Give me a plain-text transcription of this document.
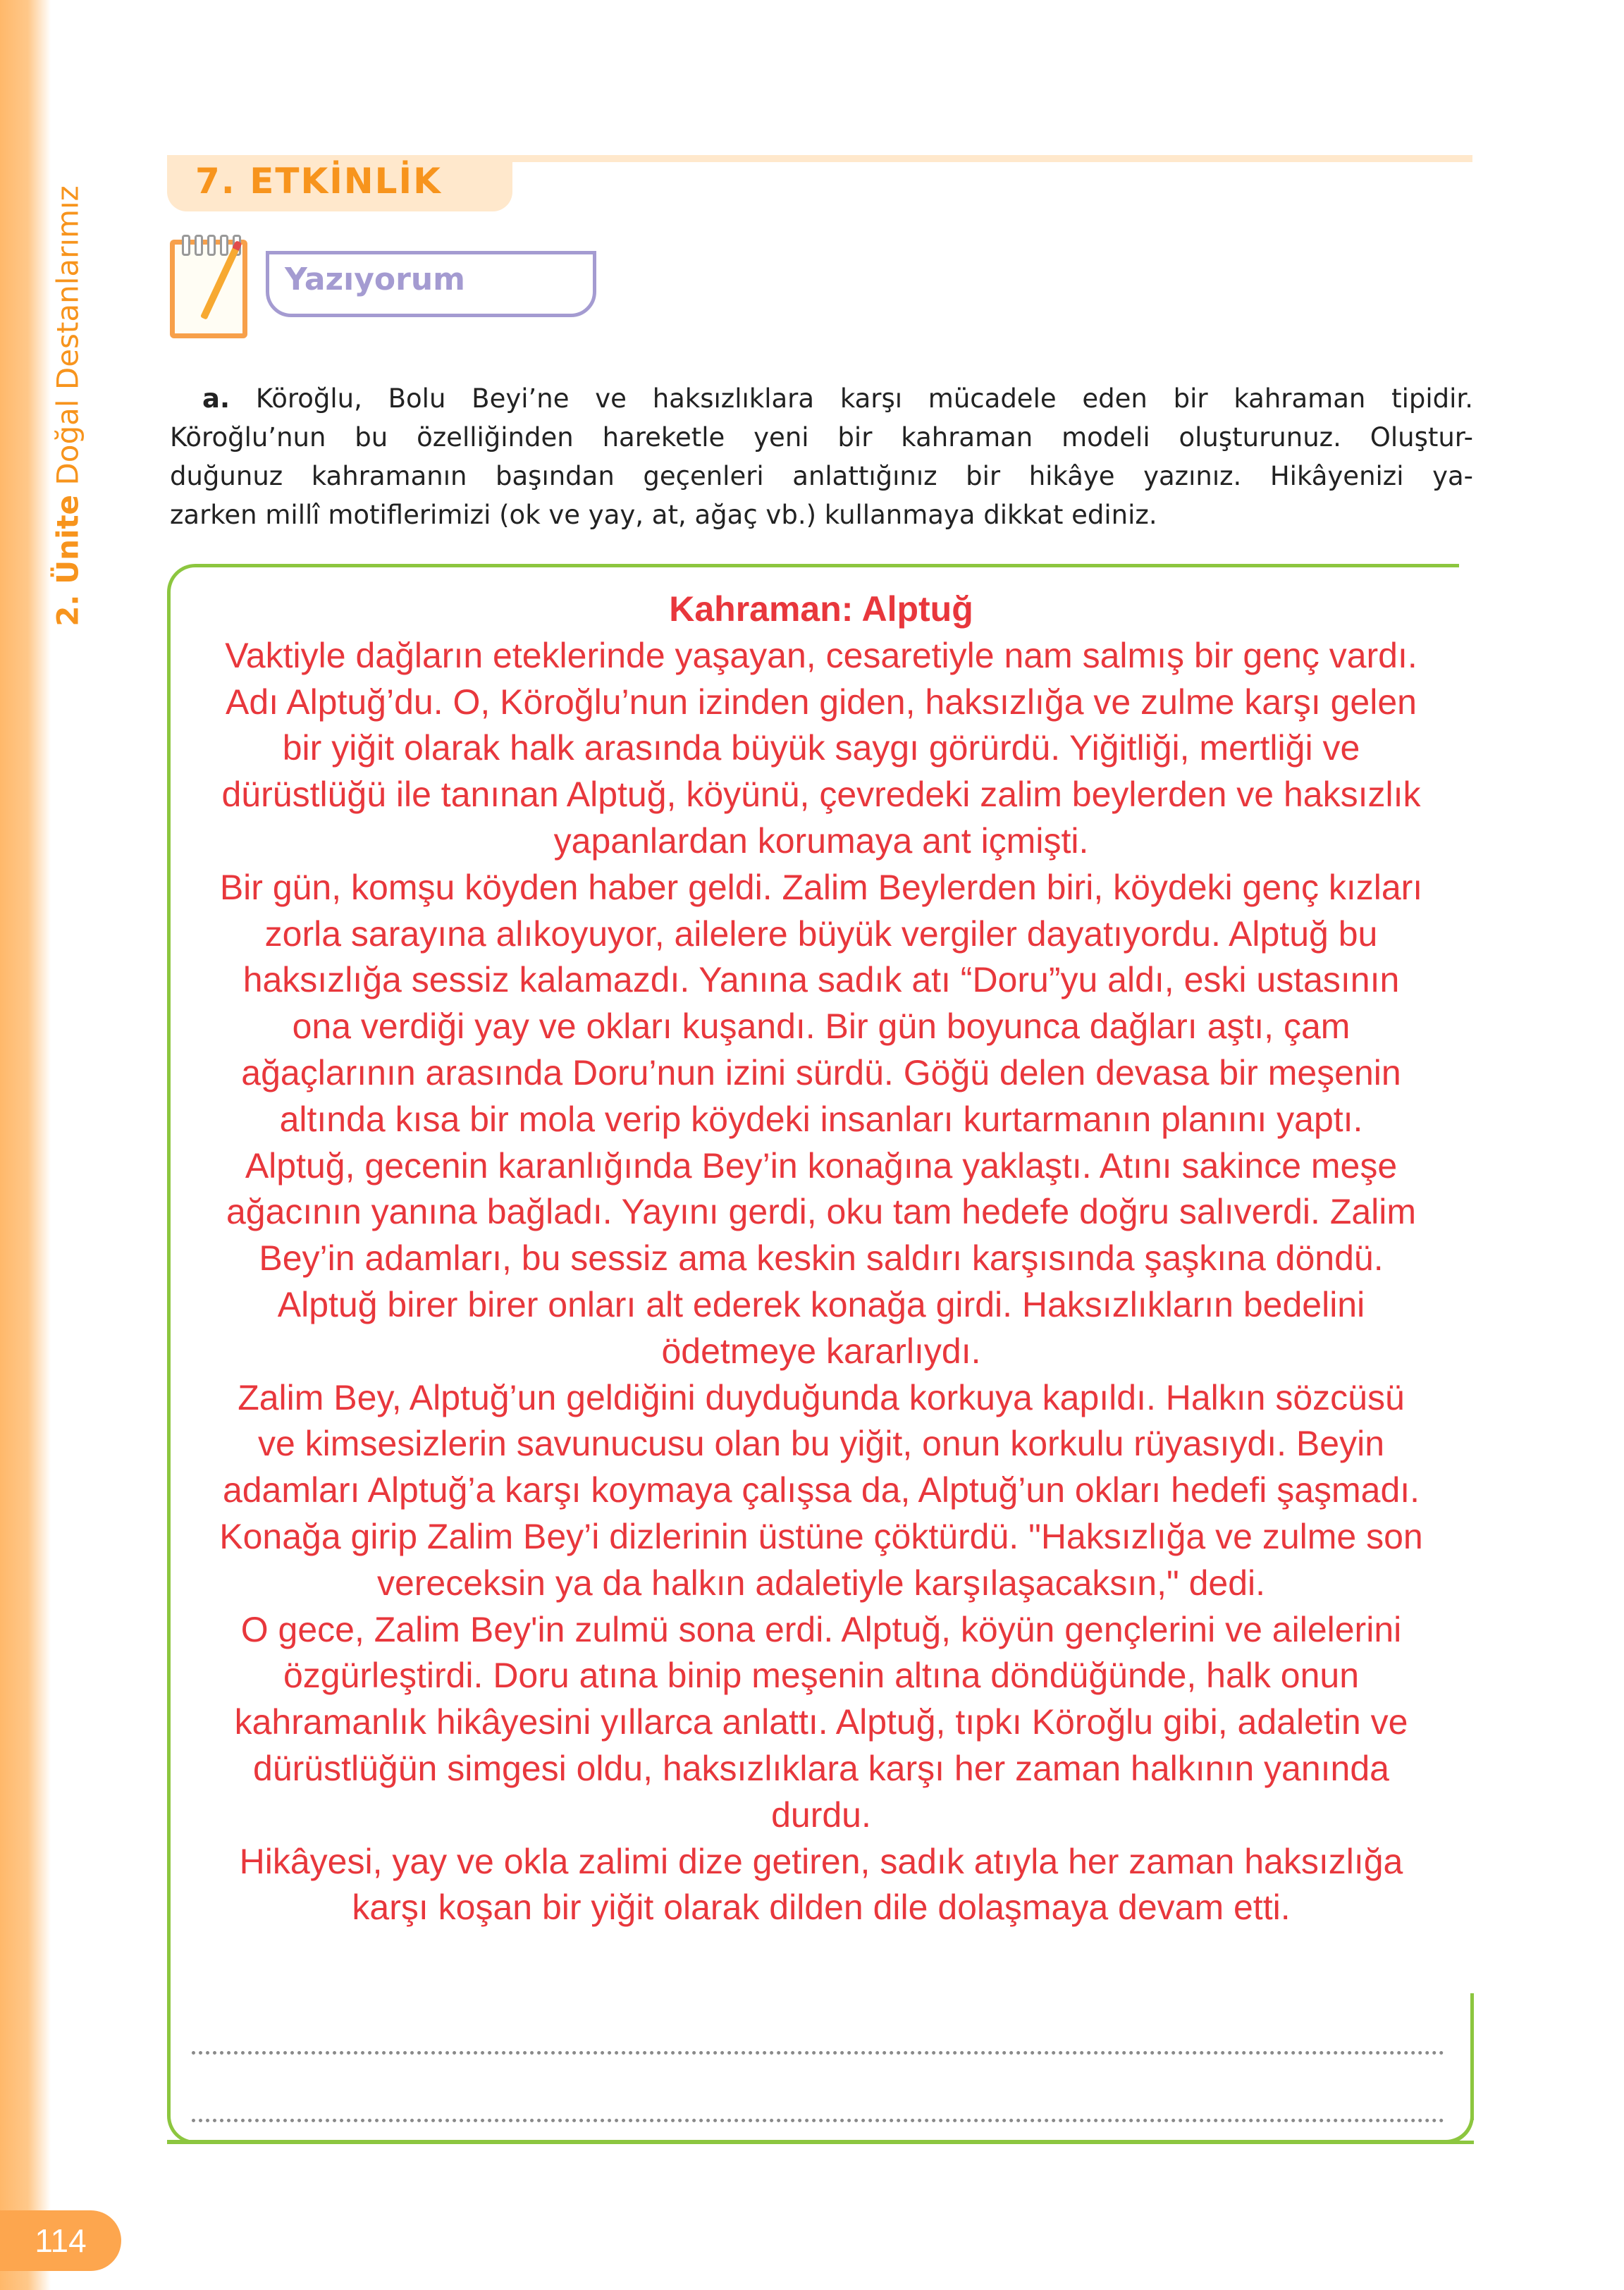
2. Ünite Doğal Destanlarımız
7. ETKİNLİK
Yazıyorum
a. Köroğlu, Bolu Beyi’ne ve haksızlıklara karşı mücadele eden bir kahraman tipidir.
Köroğlu’nun bu özelliğinden hareketle yeni bir kahraman modeli oluşturunuz. Oluştur-
duğunuz kahramanın başından geçenleri anlattığınız bir hikâye yazınız. Hikâyenizi ya-
zarken millî motiflerimizi (ok ve yay, at, ağaç vb.) kullanmaya dikkat ediniz.
Kahraman: Alptuğ
Vaktiyle dağların eteklerinde yaşayan, cesaretiyle nam salmış bir genç vardı.
Adı Alptuğ’du. O, Köroğlu’nun izinden giden, haksızlığa ve zulme karşı gelen
bir yiğit olarak halk arasında büyük saygı görürdü. Yiğitliği, mertliği ve
dürüstlüğü ile tanınan Alptuğ, köyünü, çevredeki zalim beylerden ve haksızlık
yapanlardan korumaya ant içmişti.
Bir gün, komşu köyden haber geldi. Zalim Beylerden biri, köydeki genç kızları
zorla sarayına alıkoyuyor, ailelere büyük vergiler dayatıyordu. Alptuğ bu
haksızlığa sessiz kalamazdı. Yanına sadık atı “Doru”yu aldı, eski ustasının
ona verdiği yay ve okları kuşandı. Bir gün boyunca dağları aştı, çam
ağaçlarının arasında Doru’nun izini sürdü. Göğü delen devasa bir meşenin
altında kısa bir mola verip köydeki insanları kurtarmanın planını yaptı.
Alptuğ, gecenin karanlığında Bey’in konağına yaklaştı. Atını sakince meşe
ağacının yanına bağladı. Yayını gerdi, oku tam hedefe doğru salıverdi. Zalim
Bey’in adamları, bu sessiz ama keskin saldırı karşısında şaşkına döndü.
Alptuğ birer birer onları alt ederek konağa girdi. Haksızlıkların bedelini
ödetmeye kararlıydı.
Zalim Bey, Alptuğ’un geldiğini duyduğunda korkuya kapıldı. Halkın sözcüsü
ve kimsesizlerin savunucusu olan bu yiğit, onun korkulu rüyasıydı. Beyin
adamları Alptuğ’a karşı koymaya çalışsa da, Alptuğ’un okları hedefi şaşmadı.
Konağa girip Zalim Bey’i dizlerinin üstüne çöktürdü. "Haksızlığa ve zulme son
vereceksin ya da halkın adaletiyle karşılaşacaksın," dedi.
O gece, Zalim Bey'in zulmü sona erdi. Alptuğ, köyün gençlerini ve ailelerini
özgürleştirdi. Doru atına binip meşenin altına döndüğünde, halk onun
kahramanlık hikâyesini yıllarca anlattı. Alptuğ, tıpkı Köroğlu gibi, adaletin ve
dürüstlüğün simgesi oldu, haksızlıklara karşı her zaman halkının yanında
durdu.
Hikâyesi, yay ve okla zalimi dize getiren, sadık atıyla her zaman haksızlığa
karşı koşan bir yiğit olarak dilden dile dolaşmaya devam etti.
114
